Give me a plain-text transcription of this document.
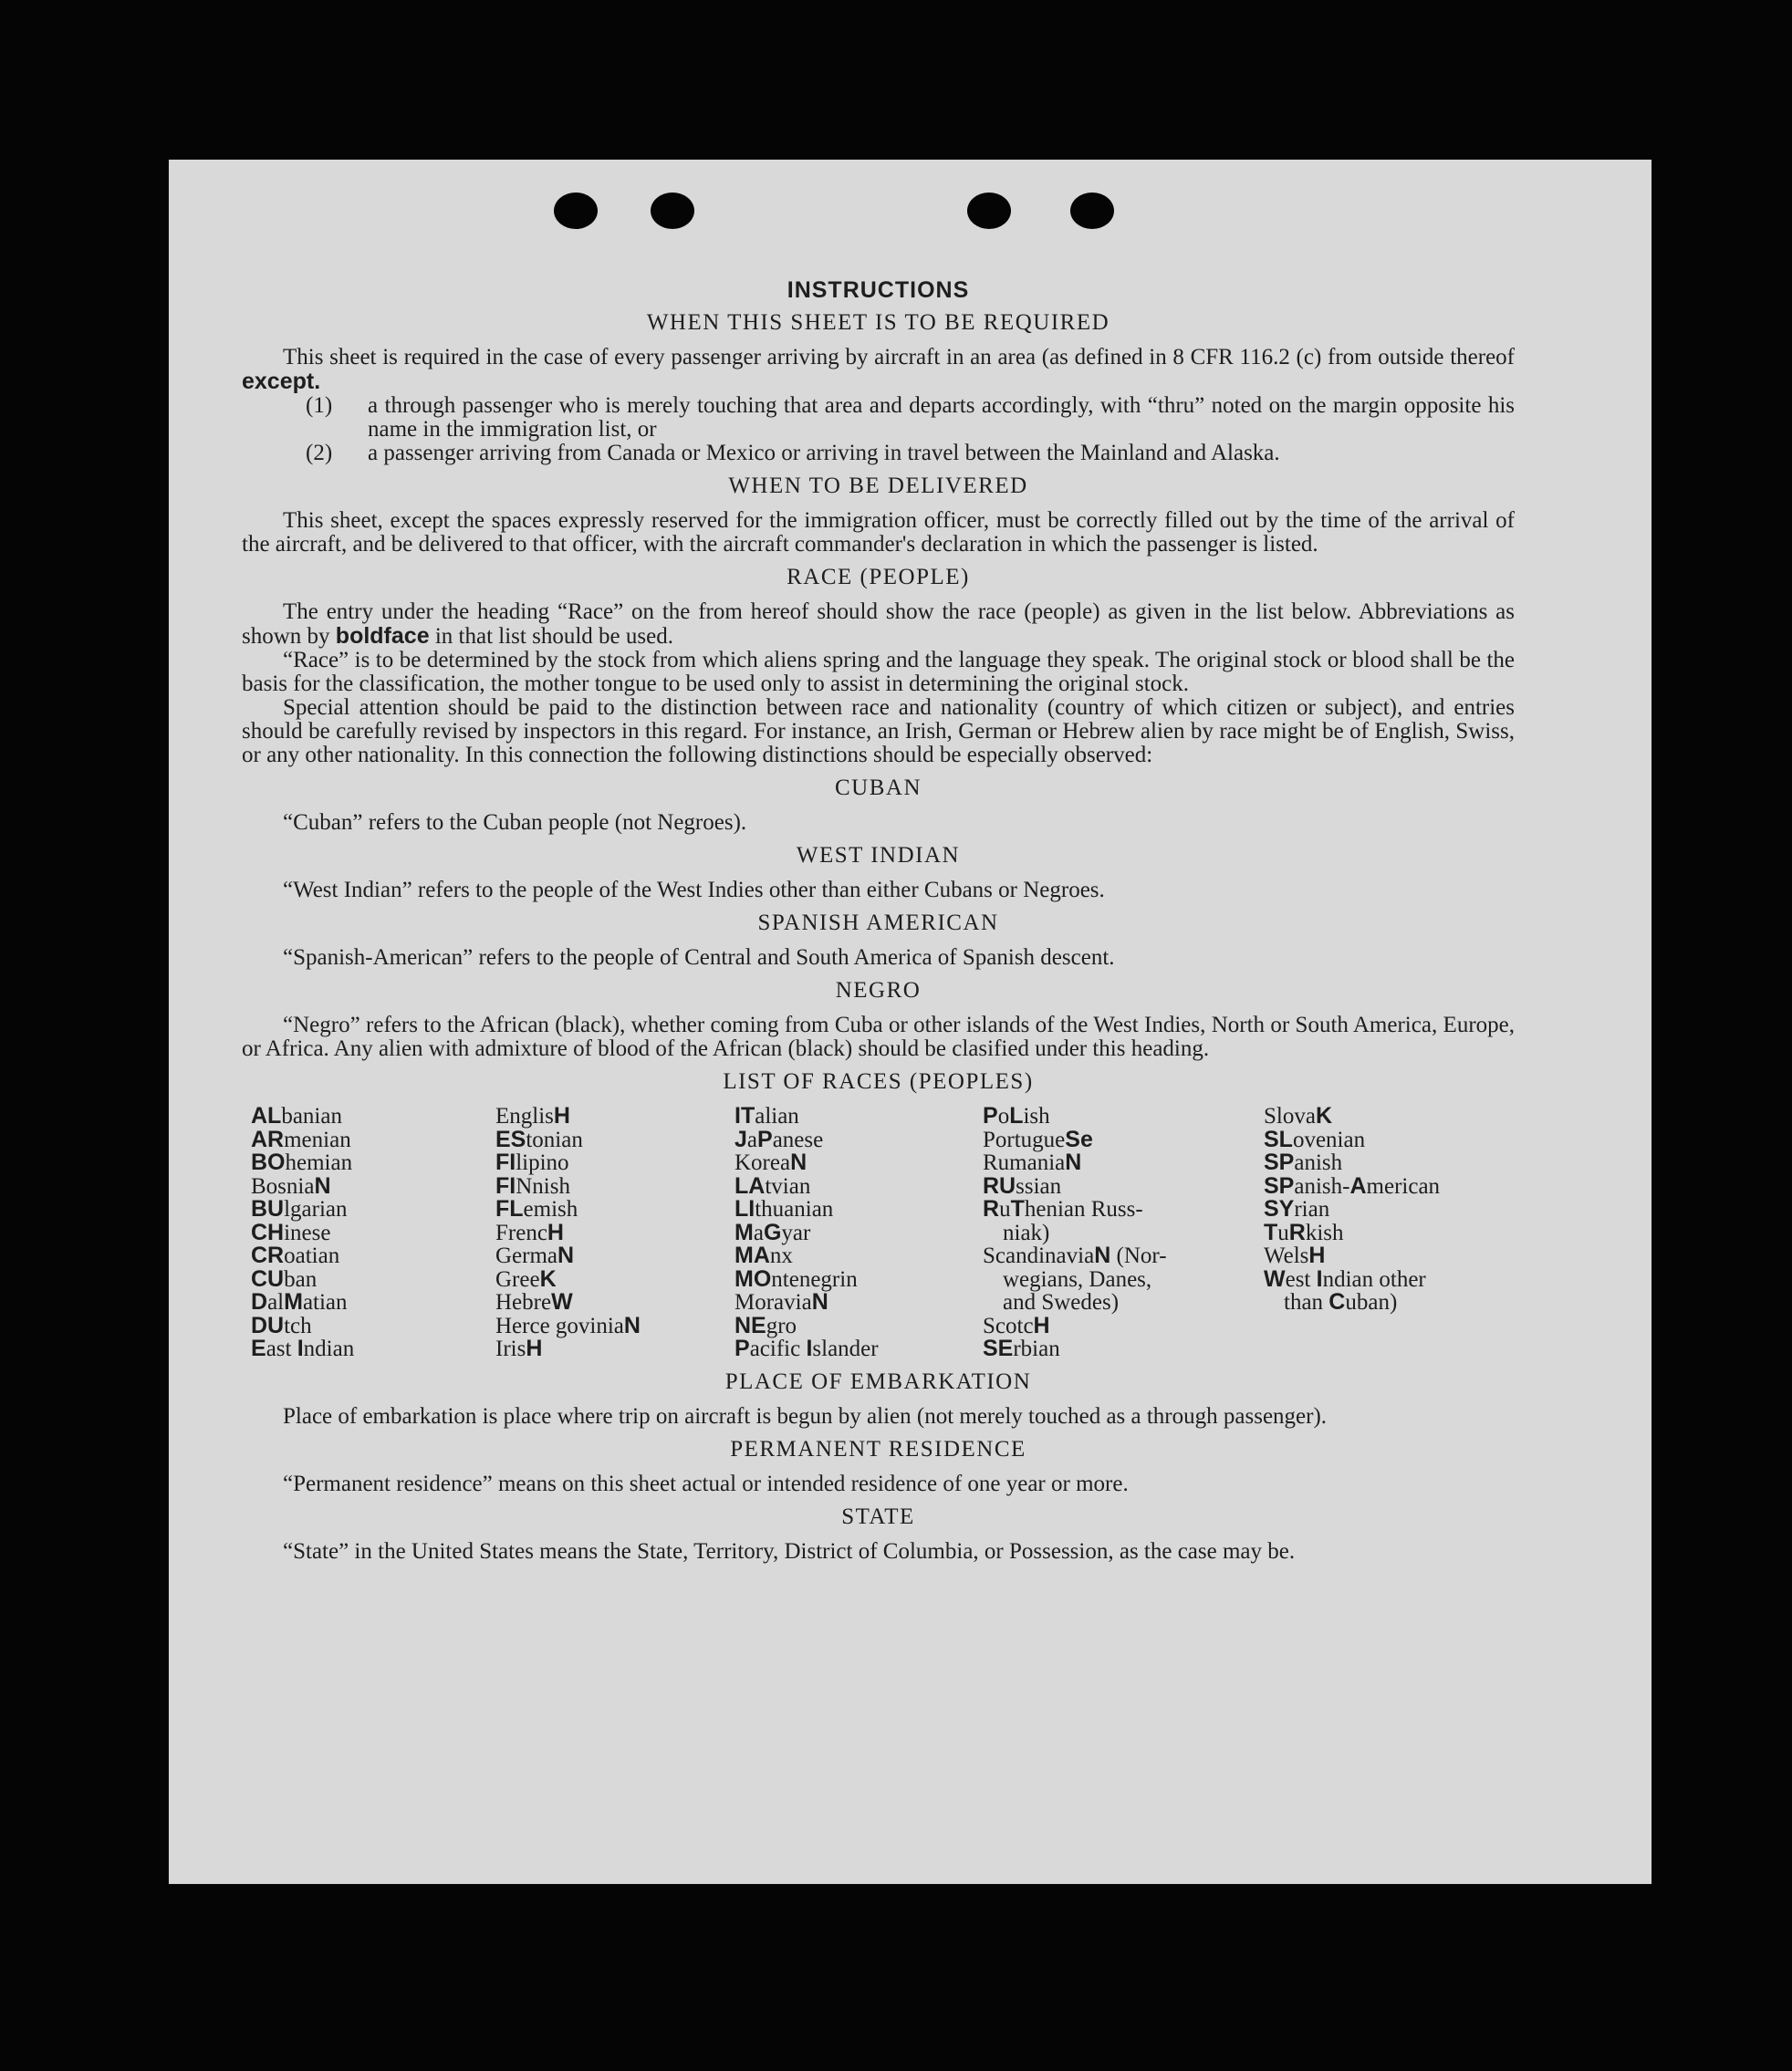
INSTRUCTIONS
WHEN THIS SHEET IS TO BE REQUIRED

This sheet is required in the case of every passenger arriving by aircraft in an area (as defined in 8 CFR 116.2 (c) from outside thereof except.

(1)	a through passenger who is merely touching that area and departs accordingly, with “thru” noted on the margin opposite his name in the immigration list, or
(2)	a passenger arriving from Canada or Mexico or arriving in travel between the Mainland and Alaska.
WHEN TO BE DELIVERED

This sheet, except the spaces expressly reserved for the immigration officer, must be correctly filled out by the time of the arrival of the aircraft, and be delivered to that officer, with the aircraft commander's declaration in which the passenger is listed.

RACE (PEOPLE)

The entry under the heading “Race” on the from hereof should show the race (people) as given in the list below. Abbreviations as shown by boldface in that list should be used.

“Race” is to be determined by the stock from which aliens spring and the language they speak. The original stock or blood shall be the basis for the classification, the mother tongue to be used only to assist in determining the original stock.

Special attention should be paid to the distinction between race and nationality (country of which citizen or subject), and entries should be carefully revised by inspectors in this regard. For instance, an Irish, German or Hebrew alien by race might be of English, Swiss, or any other nationality. In this connection the following distinctions should be especially observed:

CUBAN

“Cuban” refers to the Cuban people (not Negroes).

WEST INDIAN

“West Indian” refers to the people of the West Indies other than either Cubans or Negroes.

SPANISH AMERICAN

“Spanish-American” refers to the people of Central and South America of Spanish descent.

NEGRO

“Negro” refers to the African (black), whether coming from Cuba or other islands of the West Indies, North or South America, Europe, or Africa. Any alien with admixture of blood of the African (black) should be clasified under this heading.

LIST OF RACES (PEOPLES)
ALbanian
ARmenian
BOhemian
BosniaN
BUlgarian
CHinese
CRoatian
CUban
DalMatian
DUtch
East Indian
EnglisH
EStonian
FIlipino
FINnish
FLemish
FrencH
GermaN
GreeK
HebreW
Herce goviniaN
IrisH
ITalian
JaPanese
KoreaN
LAtvian
LIthuanian
MaGyar
MAnx
MOntenegrin
MoraviaN
NEgro
Pacific Islander
PoLish
PortugueSe
RumaniaN
RUssian
RuThenian Russ-
niak)
ScandinaviaN (Nor-
wegians, Danes,
and Swedes)
ScotcH
SErbian
SlovaK
SLovenian
SPanish
SPanish-American
SYrian
TuRkish
WelsH
West Indian other
than Cuban)
PLACE OF EMBARKATION

Place of embarkation is place where trip on aircraft is begun by alien (not merely touched as a through passenger).

PERMANENT RESIDENCE

“Permanent residence” means on this sheet actual or intended residence of one year or more.

STATE

“State” in the United States means the State, Territory, District of Columbia, or Possession, as the case may be.
